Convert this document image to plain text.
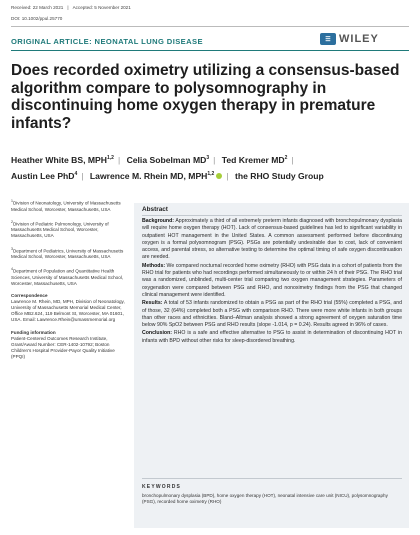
Received: 22 March 2021 | Accepted: 5 November 2021
DOI: 10.1002/ppul.25770
ORIGINAL ARTICLE: NEONATAL LUNG DISEASE	☰ WILEY
Does recorded oximetry utilizing a consensus-based algorithm compare to polysomnography in discontinuing home oxygen therapy in premature infants?
Heather White BS, MPH$^{1,2}$ | Celia Sobelman $MD^3$ | Ted Kremer $MD^2$ |
Austin Lee PhD$^4$ | Lawrence M. Rhein MD, MPH$^{1,2}$ | the RHO Study Group
$^1$Division of Neonatology, University of Massachusetts Medical School, Worcester, Massachusetts, USA
$^2$Division of Pediatric Pulmonology, University of Massachusetts Medical School, Worcester, Massachusetts, USA
$^3$Department of Pediatrics, University of Massachusetts Medical School, Worcester, Massachusetts, USA
$^4$Department of Population and Quantitative Health Sciences, University of Massachusetts Medical School, Worcester, Massachusetts, USA
Correspondence
Lawrence M. Rhein, MD, MPH, Division of Neonatology, University of Massachusetts Memorial Medical Center, Office MB2.624, 119 Belmont St, Worcester, MA 01601, USA. Email: Lawrence.Rhein@umassmemorial.org
Funding information
Patient-Centered Outcomes Research Institute, Grant/Award Number: CER-1402-10792; Boston Children's Hospital Provider-Payor Quality Initiative (PPQI)
Abstract

Background: Approximately a third of all extremely preterm infants diagnosed with bronchopulmonary dysplasia will require home oxygen therapy (HOT). Lack of consensus-based guidelines has led to significant variability in outpatient HOT management in the United States. A common assessment performed before discontinuing oxygen is a formal polysomnogram (PSG). PSGs are potentially undesirable due to cost, lack of convenient access, and parental stress, so alternative testing to determine the optimal timing of safe oxygen discontinuation are needed.

Methods: We compared nocturnal recorded home oximetry (RHO) with PSG data in a cohort of patients from the RHO trial for patients who had recordings performed simultaneously to or within 24 h of their PSG. The RHO trial was a randomized, unblinded, multi-center trial comparing two oxygen management strategies. Parameters of oxygenation were compared between PSG and RHO, and nonoximetry findings from the PSG that changed clinical management were identified.

Results: A total of 53 infants randomized to obtain a PSG as part of the RHO trial (55%) completed a PSG, and of those, 32 (64%) completed both a PSG with comparison RHO. There were more white infants in both groups than other races and ethnicities. Bland–Altman analysis showed a strong agreement of oxygen saturation time below 90% SpO2 between PSG and RHO results (slope -1.014, p = 0.24). Results agreed in 96% of cases.

Conclusion: RHO is a safe and effective alternative to PSG to assist in determination of discontinuing HOT in infants with BPD without other risks for sleep-disordered breathing.

KEYWORDS
bronchopulmonary dysplasia (BPD), home oxygen therapy (HOT), neonatal intensive care unit (NICU), polysomnography (PSG), recorded home oximetry (RHO)
